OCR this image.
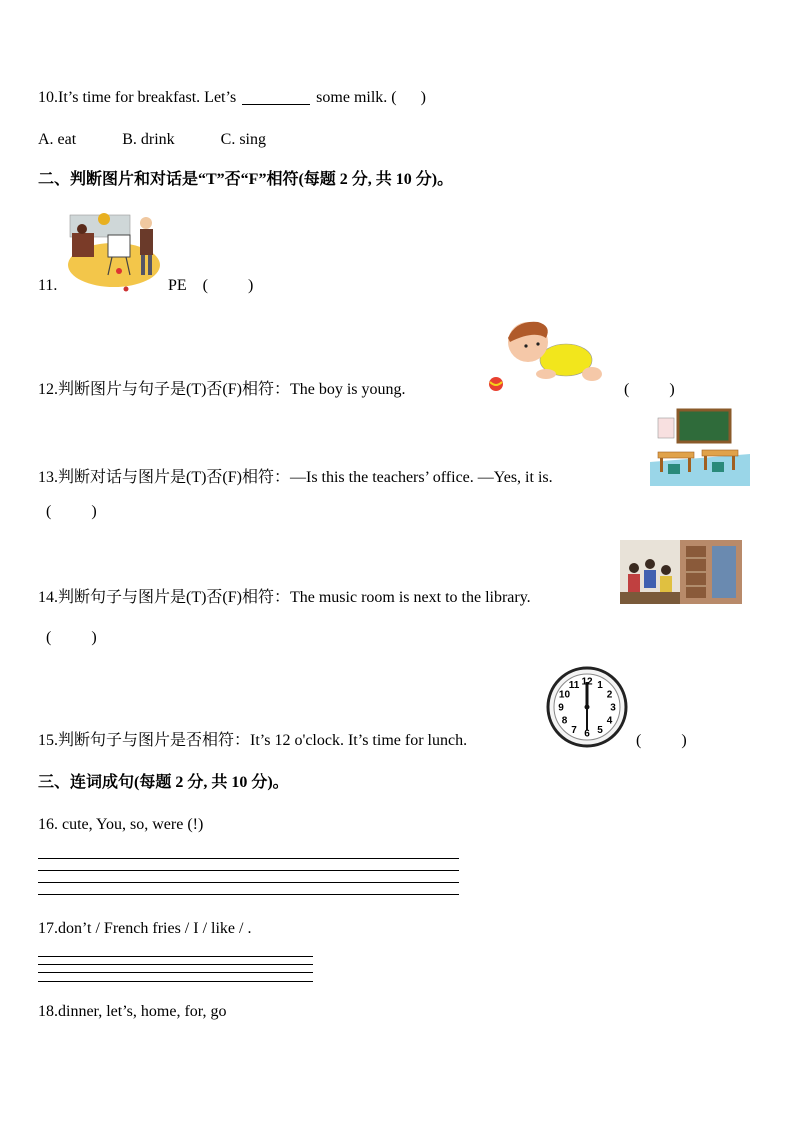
10.It’s time for breakfast. Let’s	some milk. (      )
A. eat	B. drink	C. sing
二、判断图片和对话是“T”否“F”相符(每题 2 分, 共 10 分)。
11.	PE (          )
12.判断图片与句子是(T)否(F)相符：The boy is young.	(          )
13.判断对话与图片是(T)否(F)相符：—Is this the teachers’ office. —Yes, it is.
(          )
14.判断句子与图片是(T)否(F)相符：The music room is next to the library.
(          )
12 1
2
3
4
5
6
7
8
9
10
11
15.判断句子与图片是否相符：It’s 12 o'clock. It’s time for lunch.	(          )
三、连词成句(每题 2 分, 共 10 分)。
16. cute, You, so, were (!)
17.don’t / French fries / I / like / .
18.dinner, let’s, home, for, go
